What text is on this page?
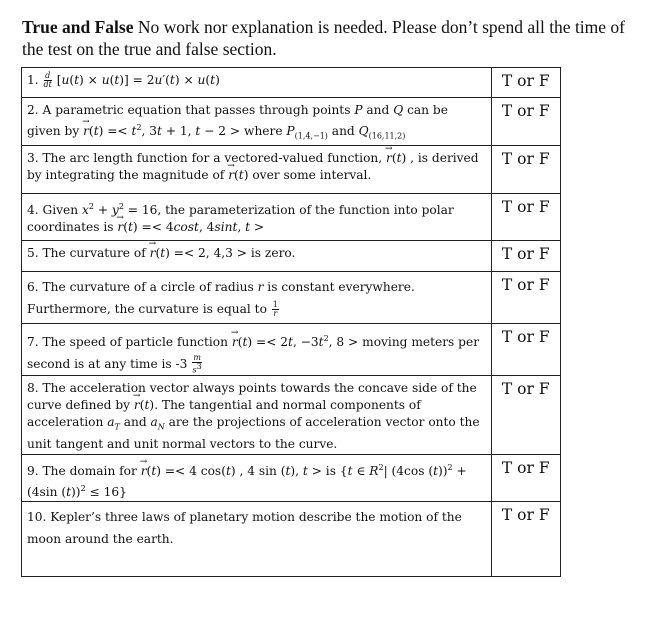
True and False No work nor explanation is needed. Please don’t spend all the time of the test on the true and false section.
1. $\frac{d}{dt} [u(t) \times u(t)] = 2u'(t) \times u(t)$	T or F
2. A parametric equation that passes through points P and Q can be given by → $r(t) =< t^2$, 3t + 1, t − 2 > where $P_{(1,4,-1)}$ and $Q_{(16,11,2)}$	T or F
3. The arc length function for a vectored-valued function, → r(t) , is derived by integrating the magnitude of → r(t) over some interval.	T or F
4. Given $x^2 + y^2 = 16$, the parameterization of the function into polar coordinates is → r(t) =< 4cost, 4sint, t >	T or F
5. The curvature of → r(t) =< 2, 4,3 > is zero.	T or F
6. The curvature of a circle of radius r is constant everywhere. Furthermore, the curvature is equal to $\frac{1}{r}$	T or F
7. The speed of particle function → r(t) =< 2t, $-3t^2$, 8 > moving meters per second is at any time is $-3 \frac{m}{s^3}$	T or F
8. The acceleration vector always points towards the concave side of the curve defined by → r(t). The tangential and normal components of acceleration $a_T$ and $a_N$ are the projections of acceleration vector onto the unit tangent and unit normal vectors to the curve.	T or F
9. The domain for → r(t) =< 4 cos(t) , 4 sin (t), t > is {t ∈ $R^2|$ (4cos (t))$^2$ + (4sin (t))$^2$ ≤ 16}	T or F
10. Kepler’s three laws of planetary motion describe the motion of the moon around the earth.	T or F
